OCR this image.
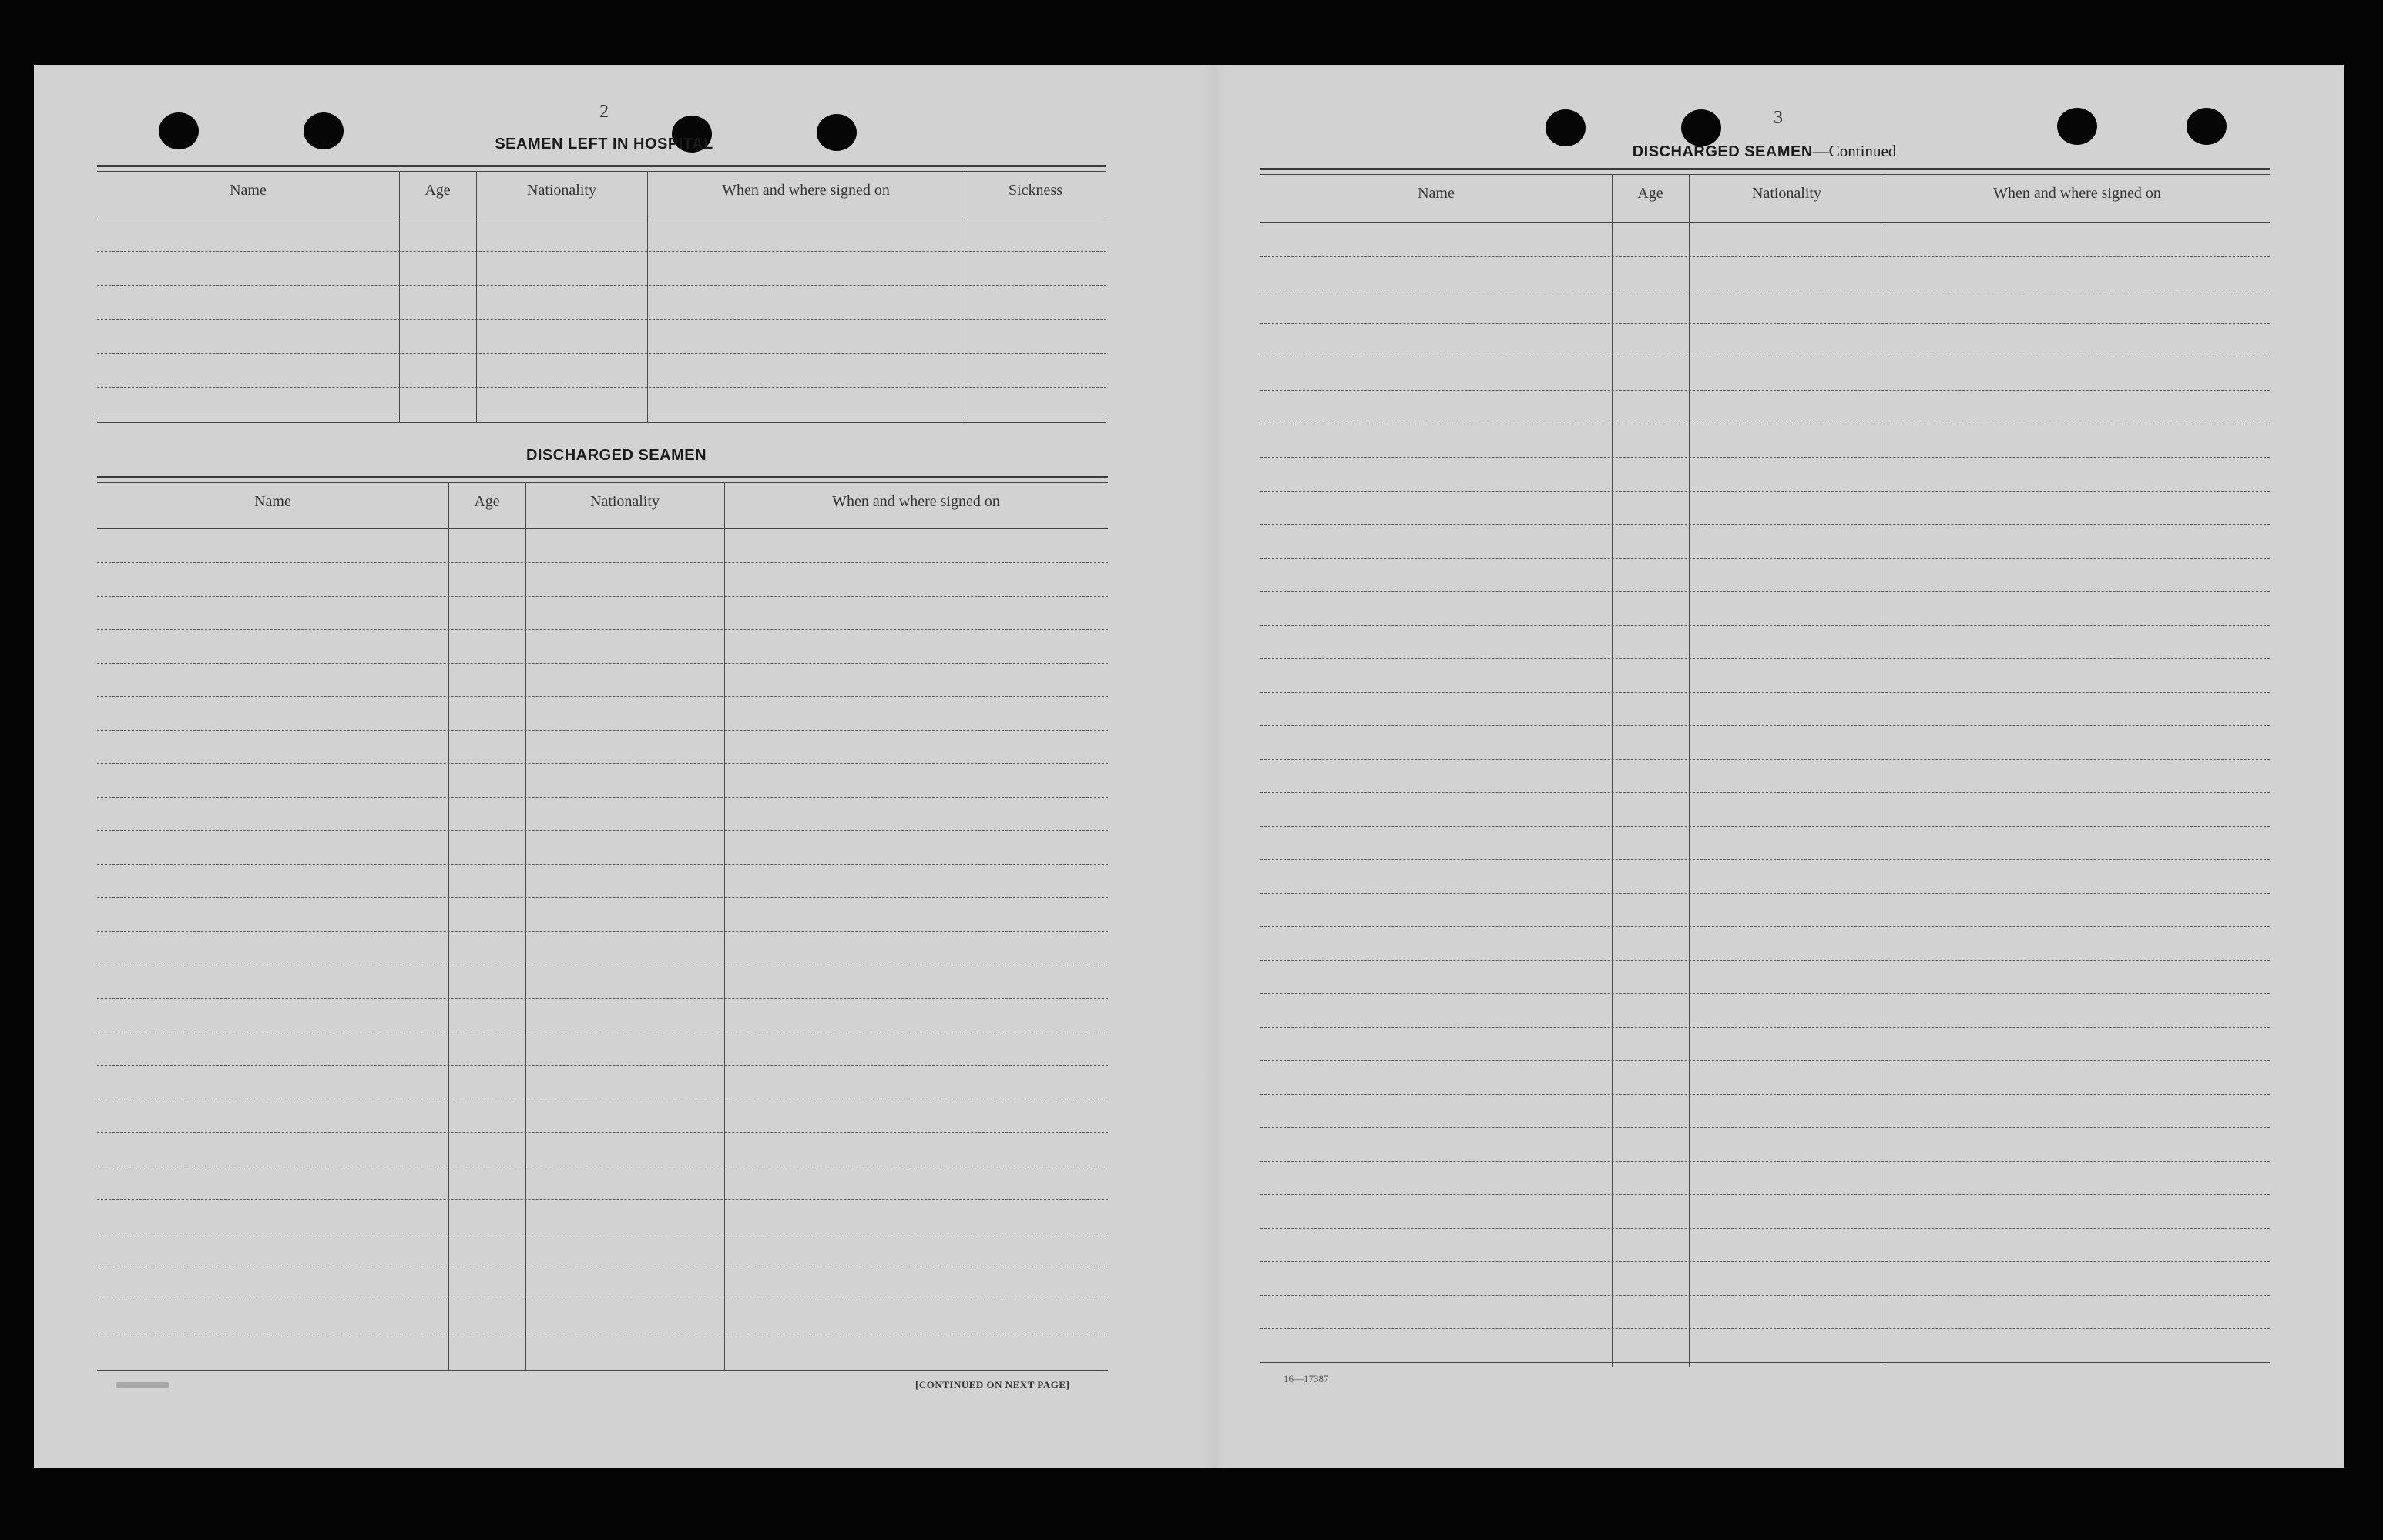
2
SEAMEN LEFT IN HOSPITAL
Name	Age	Nationality	When and where signed on	Sickness
DISCHARGED SEAMEN
Name	Age	Nationality	When and where signed on
[CONTINUED ON NEXT PAGE]
3
DISCHARGED SEAMEN—Continued
Name	Age	Nationality	When and where signed on
16—17387
